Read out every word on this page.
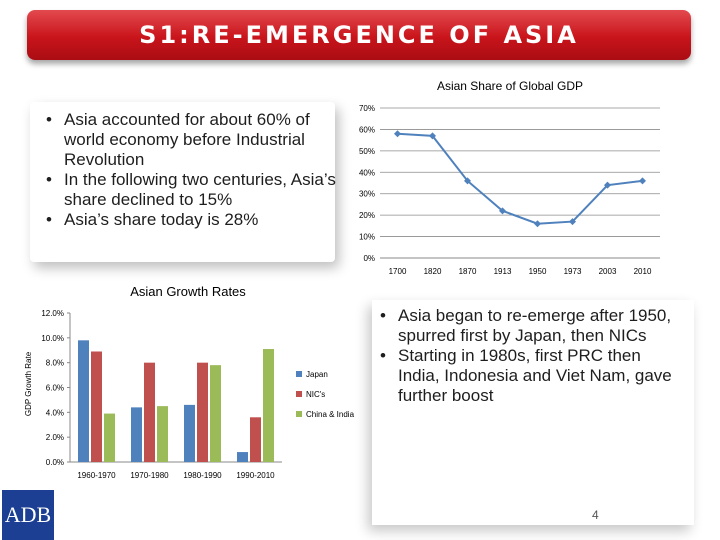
S1:RE-EMERGENCE OF ASIA
• Asia accounted for about 60% of world economy before Industrial Revolution
• In the following two centuries, Asia’s share declined to 15%
• Asia’s share today is 28%
• Asia began to re-emerge after 1950, spurred first by Japan, then NICs
• Starting in 1980s, first PRC then India, Indonesia and Viet Nam, gave further boost
Asian Share of Global GDP
0%
10%
20%
30%
40%
50%
60%
70%
1700 1820 1870 1913 1950 1973 2003 2010
Asian Growth Rates
GDP Growth Rate
0.0%
2.0%
4.0%
6.0%
8.0%
10.0%
12.0%
1960-1970 1970-1980 1980-1990 1990-2010
Japan
NIC's
China & India
4
ADB
